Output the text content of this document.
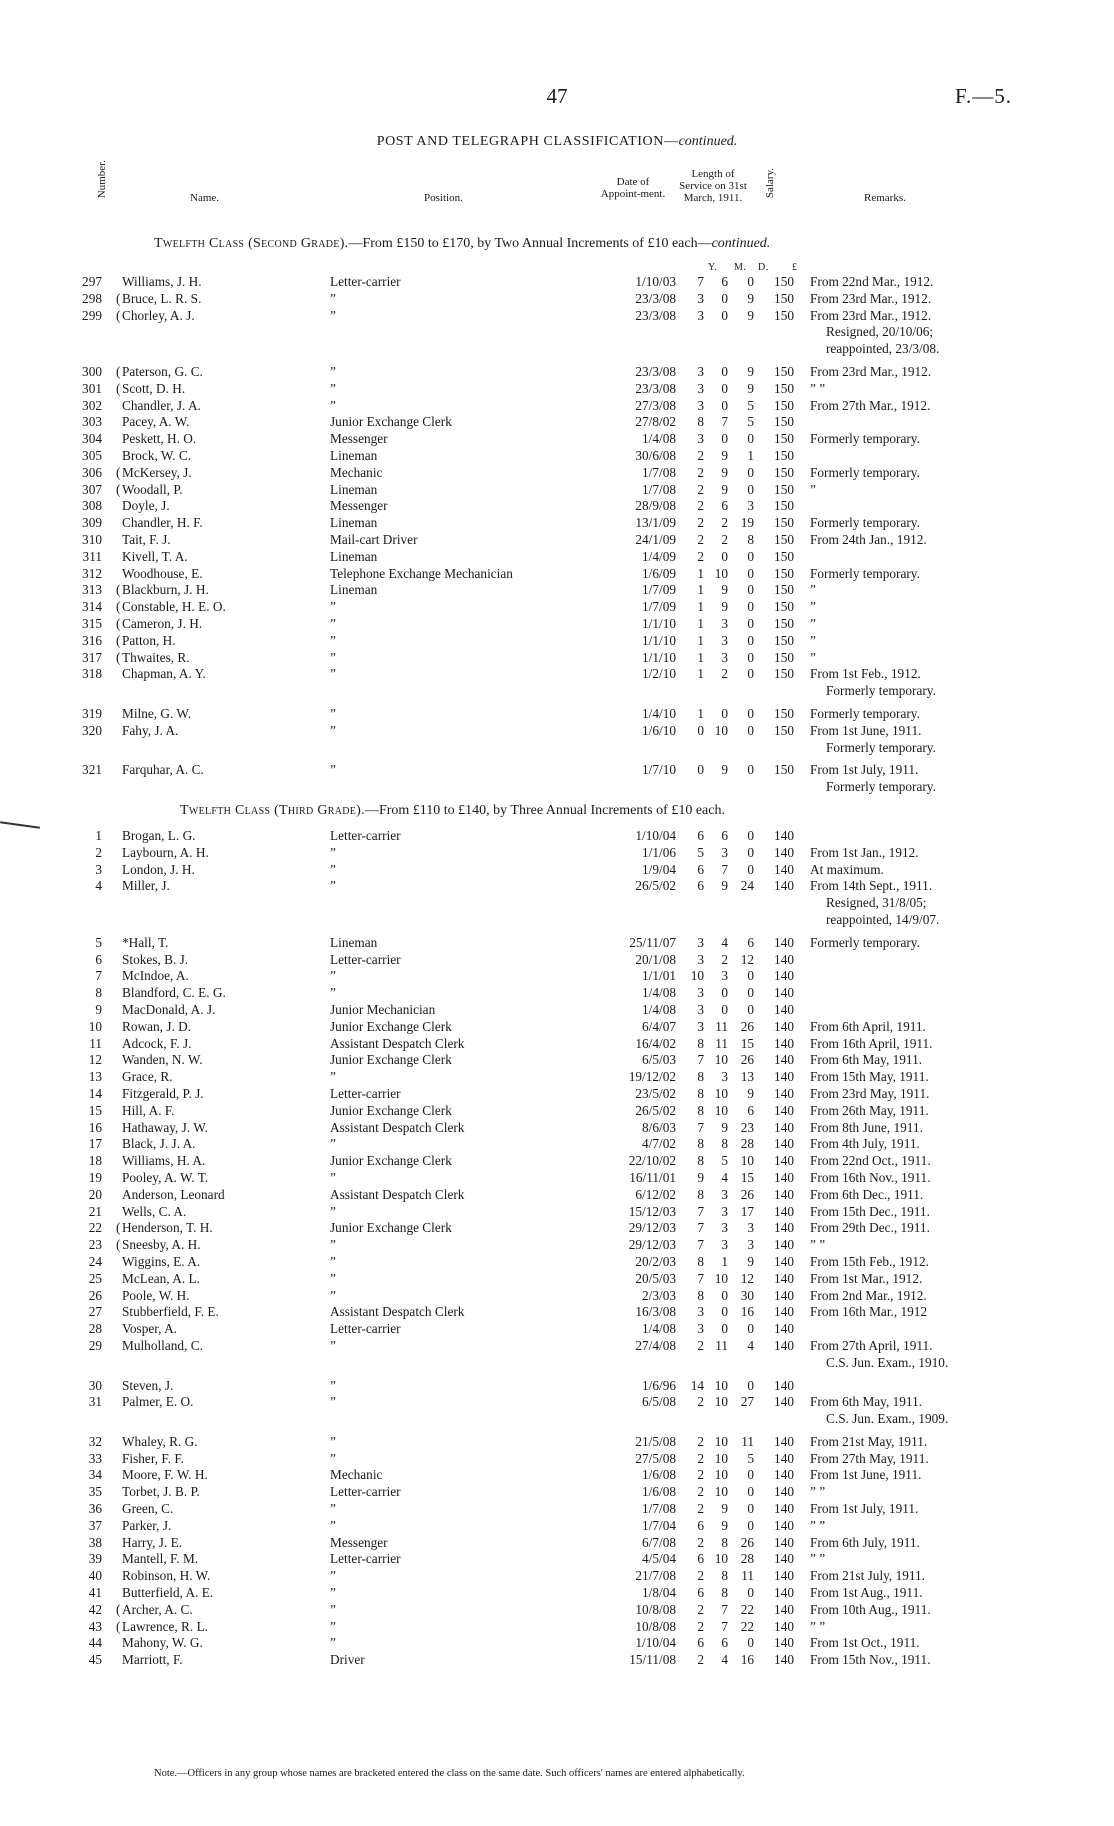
47	F.—5.
POST AND TELEGRAPH CLASSIFICATION—continued.
Number.	Name.	Position.
Date of Appoint-ment.
Length of Service on 31st March, 1911.	Salary.	Remarks.
Twelfth Class (Second Grade).—From £150 to £170, by Two Annual Increments of £10 each—continued.
Y. M. D. £
297		Williams, J. H.	Letter-carrier	1/10/03	7	6	0	150	From 22nd Mar., 1912.

298	(	Bruce, L. R. S.	”	23/3/08	3	0	9	150	From 23rd Mar., 1912.

299	(	Chorley, A. J.	”	23/3/08	3	0	9	150	From 23rd Mar., 1912.
Resigned, 20/10/06;
reappointed, 23/3/08.

300	(	Paterson, G. C.	”	23/3/08	3	0	9	150	From 23rd Mar., 1912.

301	(	Scott, D. H.	”	23/3/08	3	0	9	150	” ”

302		Chandler, J. A.	”	27/3/08	3	0	5	150	From 27th Mar., 1912.

303		Pacey, A. W.	Junior Exchange Clerk	27/8/02	8	7	5	150	
304		Peskett, H. O.	Messenger	1/4/08	3	0	0	150	Formerly temporary.

305		Brock, W. C.	Lineman	30/6/08	2	9	1	150	
306	(	McKersey, J.	Mechanic	1/7/08	2	9	0	150	Formerly temporary.

307	(	Woodall, P.	Lineman	1/7/08	2	9	0	150	”

308		Doyle, J.	Messenger	28/9/08	2	6	3	150	
309		Chandler, H. F.	Lineman	13/1/09	2	2	19	150	Formerly temporary.

310		Tait, F. J.	Mail-cart Driver	24/1/09	2	2	8	150	From 24th Jan., 1912.

311		Kivell, T. A.	Lineman	1/4/09	2	0	0	150	
312		Woodhouse, E.	Telephone Exchange Mechanician	1/6/09	1	10	0	150	Formerly temporary.

313	(	Blackburn, J. H.	Lineman	1/7/09	1	9	0	150	”

314	(	Constable, H. E. O.	”	1/7/09	1	9	0	150	”

315	(	Cameron, J. H.	”	1/1/10	1	3	0	150	”

316	(	Patton, H.	”	1/1/10	1	3	0	150	”

317	(	Thwaites, R.	”	1/1/10	1	3	0	150	”

318		Chapman, A. Y.	”	1/2/10	1	2	0	150	From 1st Feb., 1912.
Formerly temporary.

319		Milne, G. W.	”	1/4/10	1	0	0	150	Formerly temporary.

320		Fahy, J. A.	”	1/6/10	0	10	0	150	From 1st June, 1911.
Formerly temporary.

321		Farquhar, A. C.	”	1/7/10	0	9	0	150	From 1st July, 1911.
Formerly temporary.
Twelfth Class (Third Grade).—From £110 to £140, by Three Annual Increments of £10 each.
1		Brogan, L. G.	Letter-carrier	1/10/04	6	6	0	140	
2		Laybourn, A. H.	”	1/1/06	5	3	0	140	From 1st Jan., 1912.

3		London, J. H.	”	1/9/04	6	7	0	140	At maximum.

4		Miller, J.	”	26/5/02	6	9	24	140	From 14th Sept., 1911.
Resigned, 31/8/05;
reappointed, 14/9/07.

5		*Hall, T.	Lineman	25/11/07	3	4	6	140	Formerly temporary.

6		Stokes, B. J.	Letter-carrier	20/1/08	3	2	12	140	
7		McIndoe, A.	”	1/1/01	10	3	0	140	
8		Blandford, C. E. G.	”	1/4/08	3	0	0	140	
9		MacDonald, A. J.	Junior Mechanician	1/4/08	3	0	0	140	
10		Rowan, J. D.	Junior Exchange Clerk	6/4/07	3	11	26	140	From 6th April, 1911.

11		Adcock, F. J.	Assistant Despatch Clerk	16/4/02	8	11	15	140	From 16th April, 1911.

12		Wanden, N. W.	Junior Exchange Clerk	6/5/03	7	10	26	140	From 6th May, 1911.

13		Grace, R.	”	19/12/02	8	3	13	140	From 15th May, 1911.

14		Fitzgerald, P. J.	Letter-carrier	23/5/02	8	10	9	140	From 23rd May, 1911.

15		Hill, A. F.	Junior Exchange Clerk	26/5/02	8	10	6	140	From 26th May, 1911.

16		Hathaway, J. W.	Assistant Despatch Clerk	8/6/03	7	9	23	140	From 8th June, 1911.

17		Black, J. J. A.	”	4/7/02	8	8	28	140	From 4th July, 1911.

18		Williams, H. A.	Junior Exchange Clerk	22/10/02	8	5	10	140	From 22nd Oct., 1911.

19		Pooley, A. W. T.	”	16/11/01	9	4	15	140	From 16th Nov., 1911.

20		Anderson, Leonard	Assistant Despatch Clerk	6/12/02	8	3	26	140	From 6th Dec., 1911.

21		Wells, C. A.	”	15/12/03	7	3	17	140	From 15th Dec., 1911.

22	(	Henderson, T. H.	Junior Exchange Clerk	29/12/03	7	3	3	140	From 29th Dec., 1911.

23	(	Sneesby, A. H.	”	29/12/03	7	3	3	140	” ”

24		Wiggins, E. A.	”	20/2/03	8	1	9	140	From 15th Feb., 1912.

25		McLean, A. L.	”	20/5/03	7	10	12	140	From 1st Mar., 1912.

26		Poole, W. H.	”	2/3/03	8	0	30	140	From 2nd Mar., 1912.

27		Stubberfield, F. E.	Assistant Despatch Clerk	16/3/08	3	0	16	140	From 16th Mar., 1912

28		Vosper, A.	Letter-carrier	1/4/08	3	0	0	140	
29		Mulholland, C.	”	27/4/08	2	11	4	140	From 27th April, 1911.
C.S. Jun. Exam., 1910.

30		Steven, J.	”	1/6/96	14	10	0	140	
31		Palmer, E. O.	”	6/5/08	2	10	27	140	From 6th May, 1911.
C.S. Jun. Exam., 1909.

32		Whaley, R. G.	”	21/5/08	2	10	11	140	From 21st May, 1911.

33		Fisher, F. F.	”	27/5/08	2	10	5	140	From 27th May, 1911.

34		Moore, F. W. H.	Mechanic	1/6/08	2	10	0	140	From 1st June, 1911.

35		Torbet, J. B. P.	Letter-carrier	1/6/08	2	10	0	140	” ”

36		Green, C.	”	1/7/08	2	9	0	140	From 1st July, 1911.

37		Parker, J.	”	1/7/04	6	9	0	140	” ”

38		Harry, J. E.	Messenger	6/7/08	2	8	26	140	From 6th July, 1911.

39		Mantell, F. M.	Letter-carrier	4/5/04	6	10	28	140	” ”

40		Robinson, H. W.	”	21/7/08	2	8	11	140	From 21st July, 1911.

41		Butterfield, A. E.	”	1/8/04	6	8	0	140	From 1st Aug., 1911.

42	(	Archer, A. C.	”	10/8/08	2	7	22	140	From 10th Aug., 1911.

43	(	Lawrence, R. L.	”	10/8/08	2	7	22	140	” ”

44		Mahony, W. G.	”	1/10/04	6	6	0	140	From 1st Oct., 1911.

45		Marriott, F.	Driver	15/11/08	2	4	16	140	From 15th Nov., 1911.
Note.—Officers in any group whose names are bracketed entered the class on the same date. Such officers' names are entered alphabetically.
